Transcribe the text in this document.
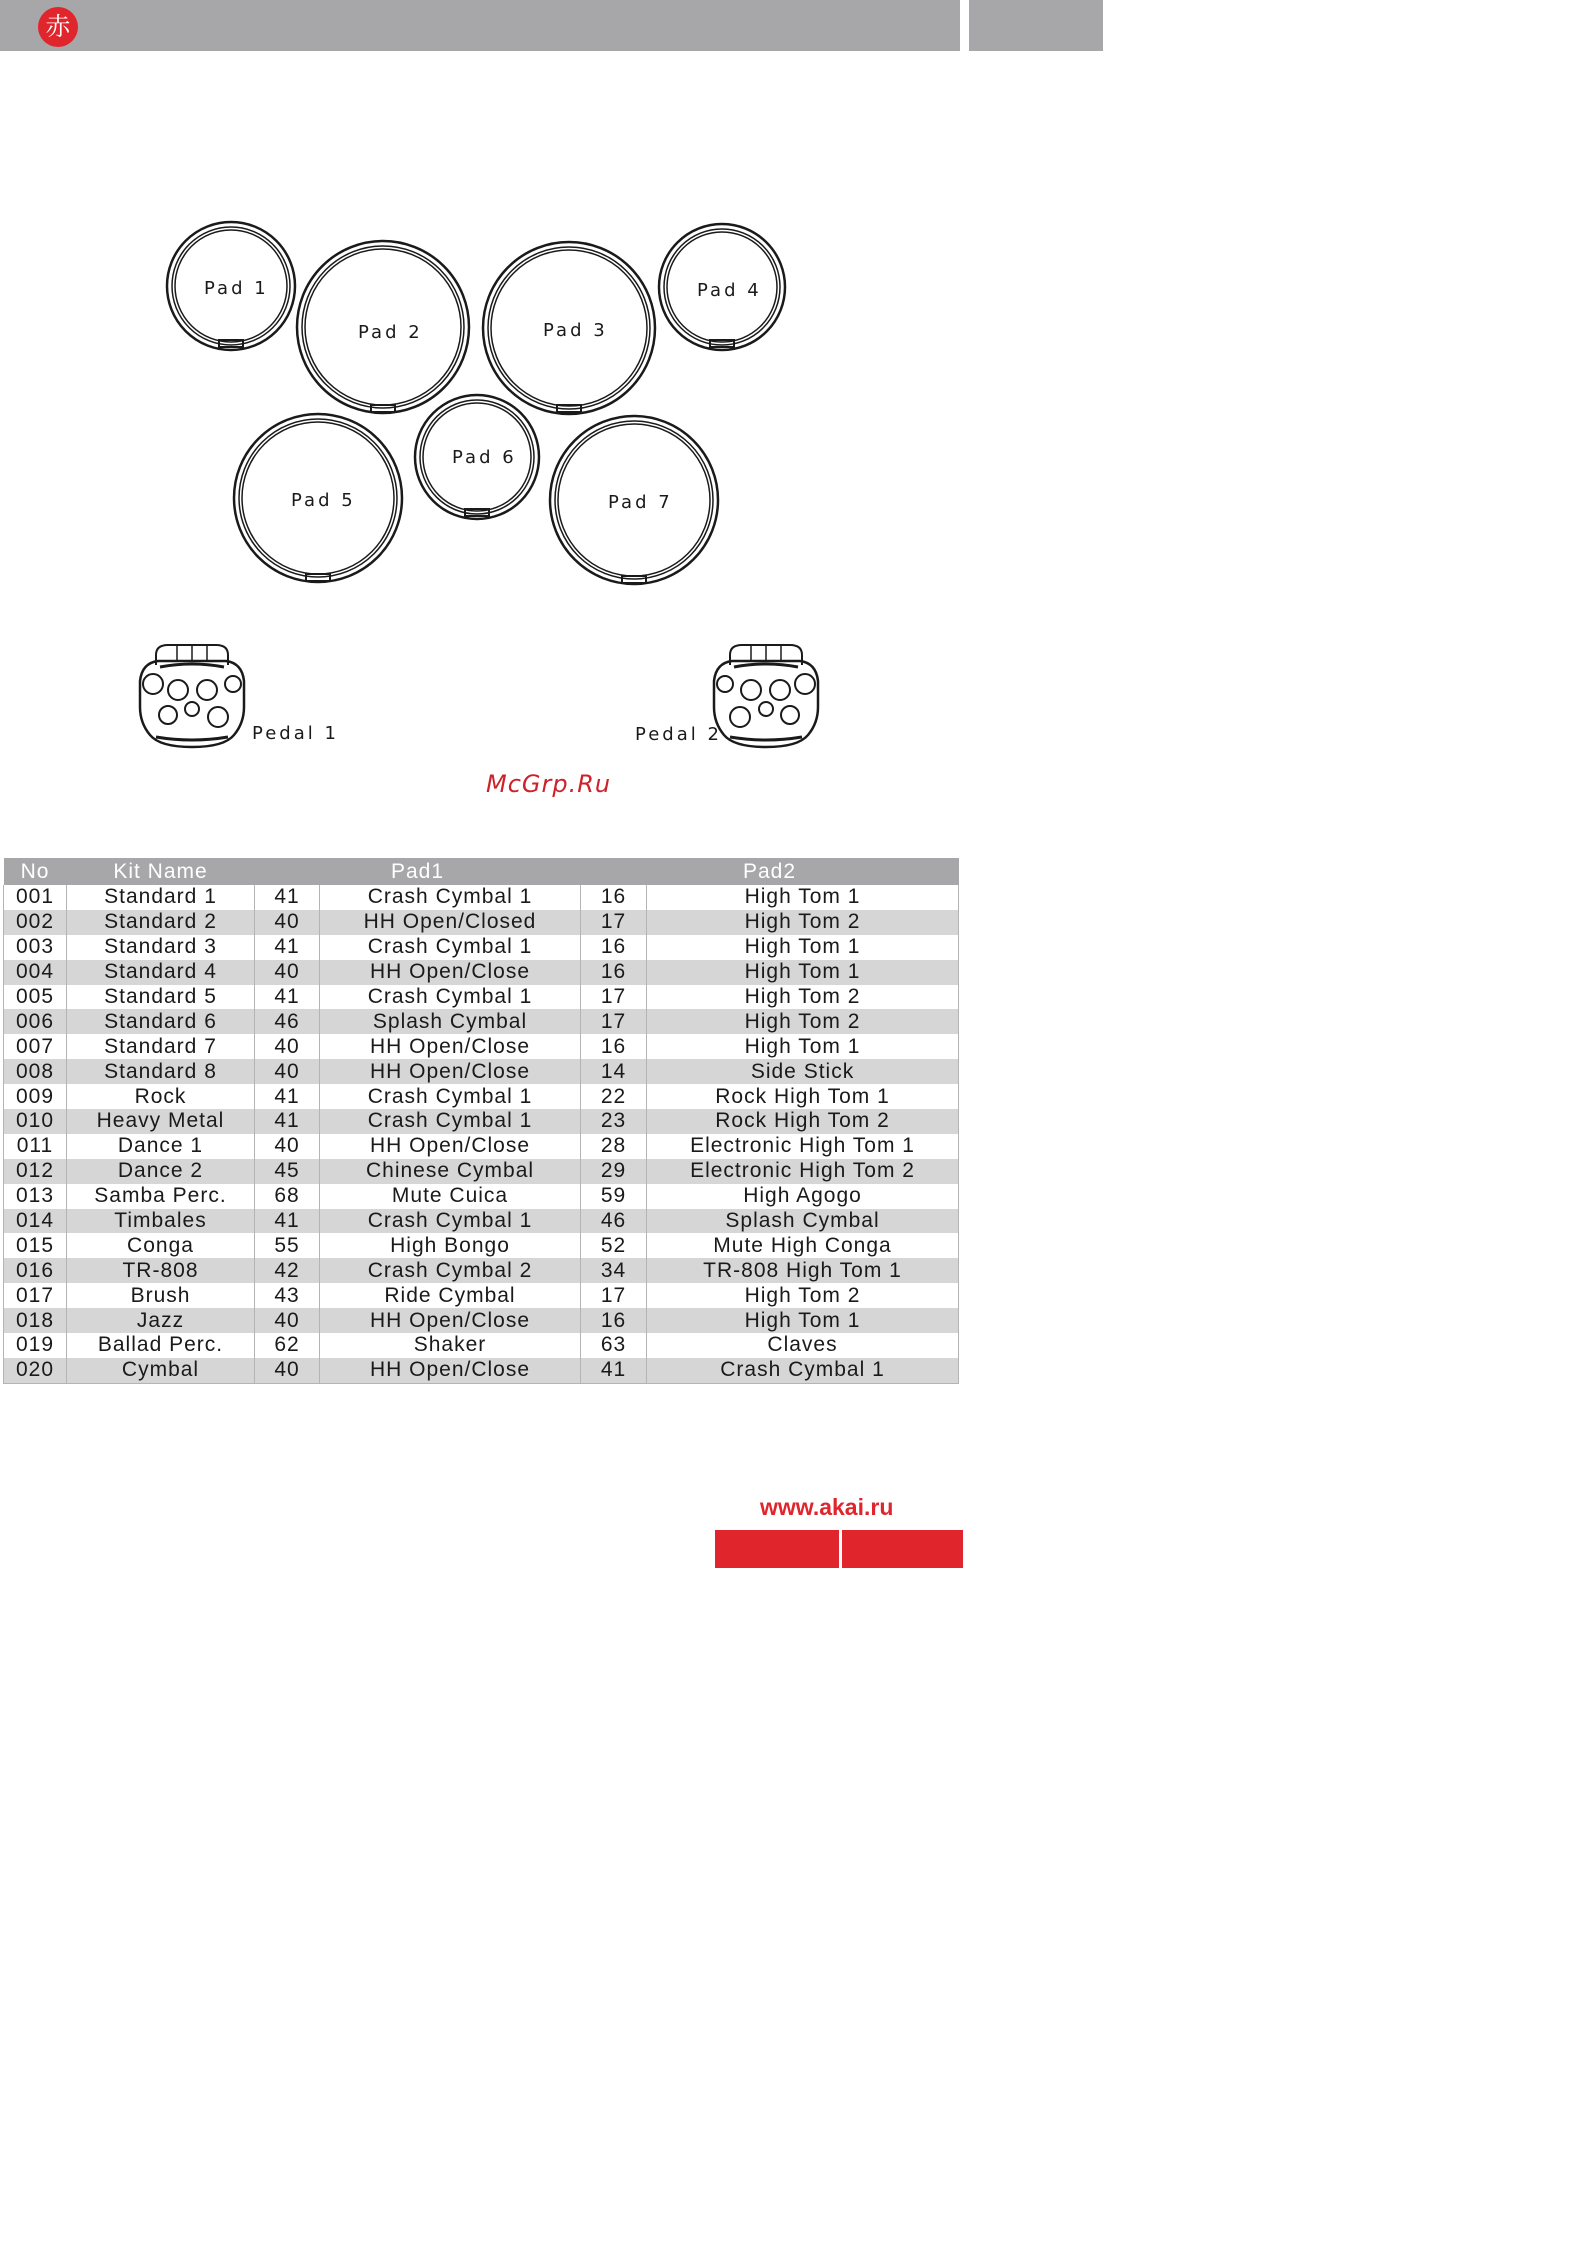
赤
Pad 1
Pad 2	Pad 3
Pad 4
Pad 5
Pad 6
Pad 7
Pedal 1	Pedal 2
McGrp.Ru
No	Kit Name	Pad1		Pad2	
001	Standard 1	41	Crash Cymbal 1	16	High Tom 1
002	Standard 2	40	HH Open/Closed	17	High Tom 2
003	Standard 3	41	Crash Cymbal 1	16	High Tom 1
004	Standard 4	40	HH Open/Close	16	High Tom 1
005	Standard 5	41	Crash Cymbal 1	17	High Tom 2
006	Standard 6	46	Splash Cymbal	17	High Tom 2
007	Standard 7	40	HH Open/Close	16	High Tom 1
008	Standard 8	40	HH Open/Close	14	Side Stick
009	Rock	41	Crash Cymbal 1	22	Rock High Tom 1
010	Heavy Metal	41	Crash Cymbal 1	23	Rock High Tom 2
011	Dance 1	40	HH Open/Close	28	Electronic High Tom 1
012	Dance 2	45	Chinese Cymbal	29	Electronic High Tom 2
013	Samba Perc.	68	Mute Cuica	59	High Agogo
014	Timbales	41	Crash Cymbal 1	46	Splash Cymbal
015	Conga	55	High Bongo	52	Mute High Conga
016	TR-808	42	Crash Cymbal 2	34	TR-808 High Tom 1
017	Brush	43	Ride Cymbal	17	High Tom 2
018	Jazz	40	HH Open/Close	16	High Tom 1
019	Ballad Perc.	62	Shaker	63	Claves
020	Cymbal	40	HH Open/Close	41	Crash Cymbal 1
www.akai.ru
